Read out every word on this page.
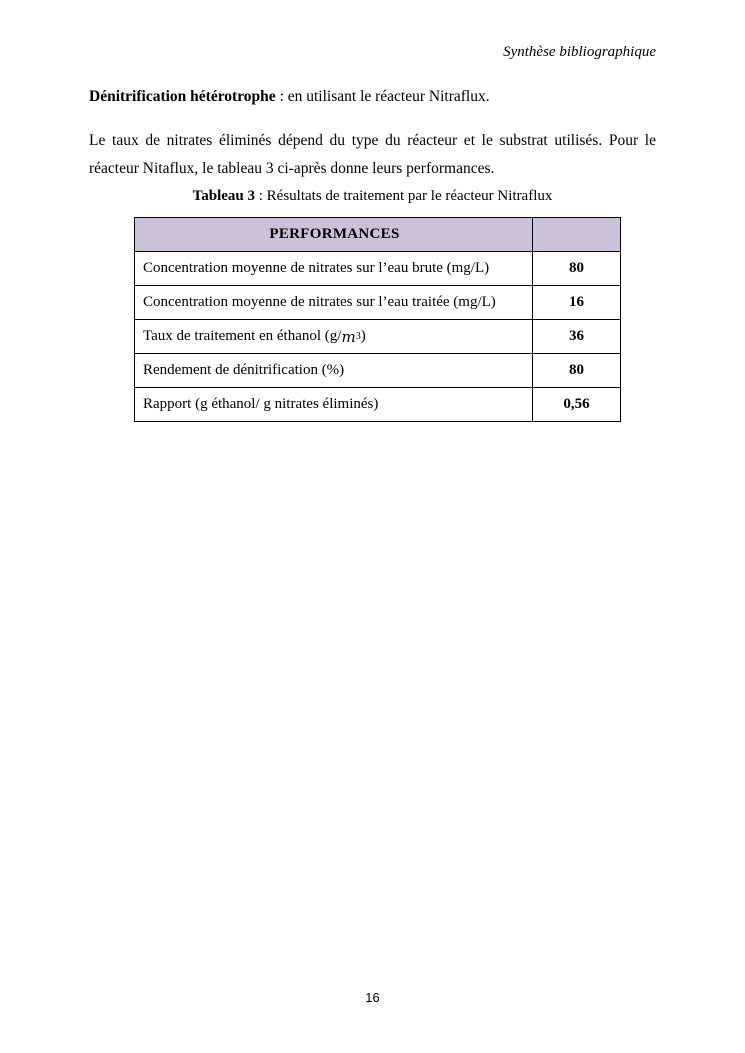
Synthèse bibliographique
Dénitrification hétérotrophe : en utilisant le réacteur Nitraflux.
Le taux de nitrates éliminés dépend du type du réacteur et le substrat utilisés. Pour le réacteur Nitaflux, le tableau 3 ci-après donne leurs performances.
Tableau 3 : Résultats de traitement par le réacteur Nitraflux
PERFORMANCES
Concentration moyenne de nitrates sur l’eau brute (mg/L)	80
Concentration moyenne de nitrates sur l’eau traitée (mg/L)	16
Taux de traitement en éthanol (g/ m 3 )	36
Rendement de dénitrification (%)	80
Rapport (g éthanol/ g nitrates éliminés)	0,56
16
